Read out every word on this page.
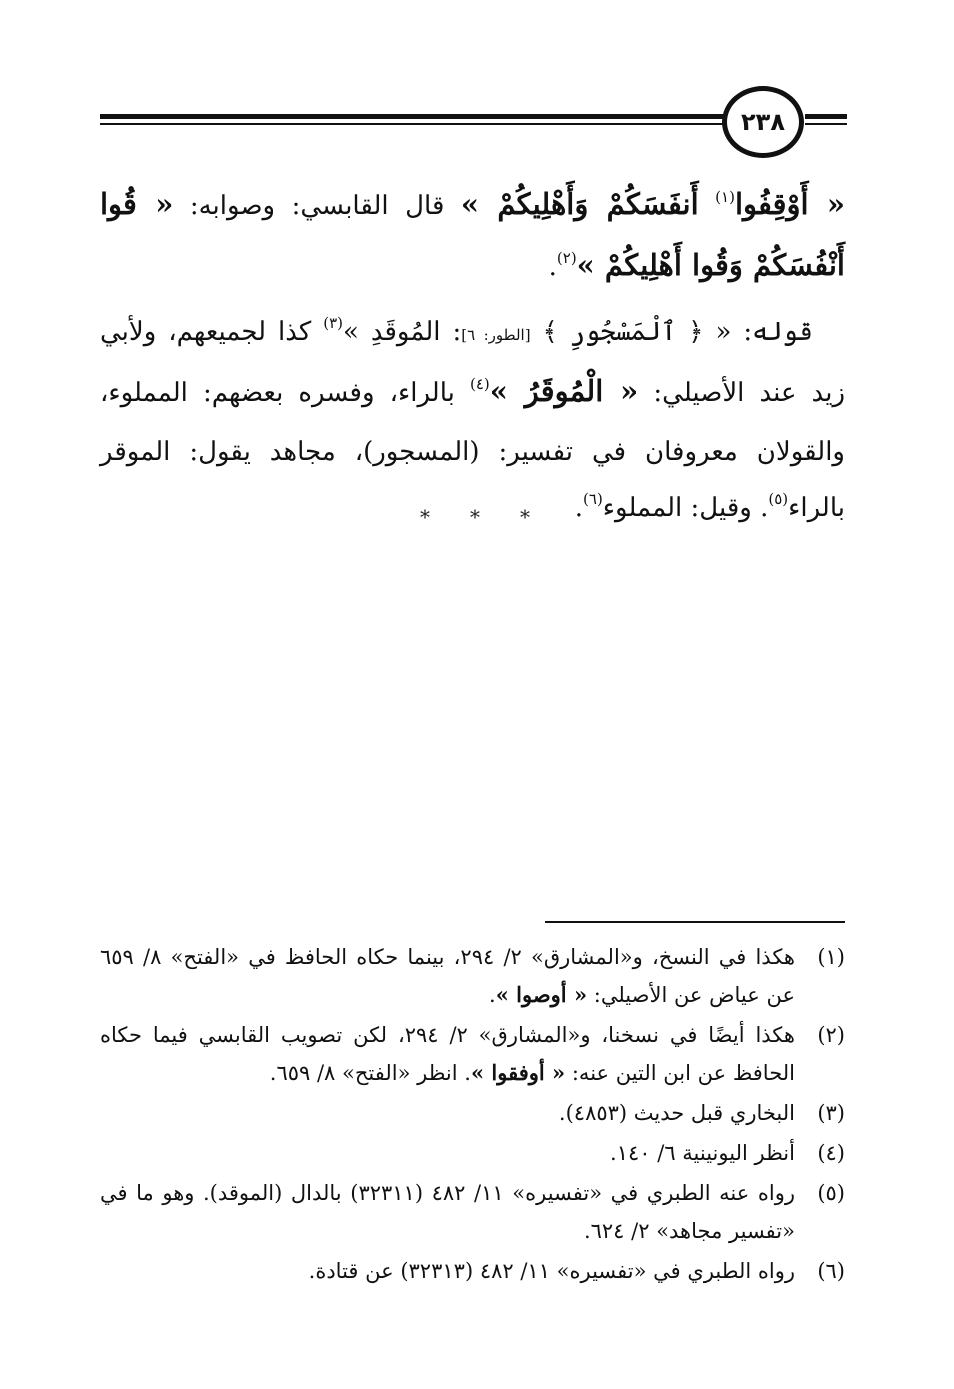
٢٣٨

« أَوْقِفُوا$^{(١)}$ أَنفَسَكُمْ وَأَهْلِيكُمْ » قال القابسي: وصوابه: « قُوا أَنْفُسَكُمْ وَقُوا أَهْلِيكُمْ »$^{(٢)}$.

قوله: « ﴿ ٱلْمَسْجُورِ ﴾ [الطور: ٦]: المُوقَدِ »$^{(٣)}$ كذا لجميعهم، ولأبي زيد عند الأصيلي: « الْمُوقَرُ »$^{(٤)}$ بالراء، وفسره بعضهم: المملوء، والقولان معروفان في تفسير: (المسجور)، مجاهد يقول: الموقر بالراء$^{(٥)}$. وقيل: المملوء$^{(٦)}$.

* * *
(١)
هكذا في النسخ، و«المشارق» ٢/ ٢٩٤، بينما حكاه الحافظ في «الفتح» ٨/ ٦٥٩ عن عياض عن الأصيلي: « أوصوا ».
(٢)
هكذا أيضًا في نسخنا، و«المشارق» ٢/ ٢٩٤، لكن تصويب القابسي فيما حكاه الحافظ عن ابن التين عنه: « أوفقوا ». انظر «الفتح» ٨/ ٦٥٩.
(٣)
البخاري قبل حديث (٤٨٥٣).
(٤)
أنظر اليونينية ٦/ ١٤٠.
(٥)
رواه عنه الطبري في «تفسيره» ١١/ ٤٨٢ (٣٢٣١١) بالدال (الموقد). وهو ما في «تفسير مجاهد» ٢/ ٦٢٤.
(٦)
رواه الطبري في «تفسيره» ١١/ ٤٨٢ (٣٢٣١٣) عن قتادة.
